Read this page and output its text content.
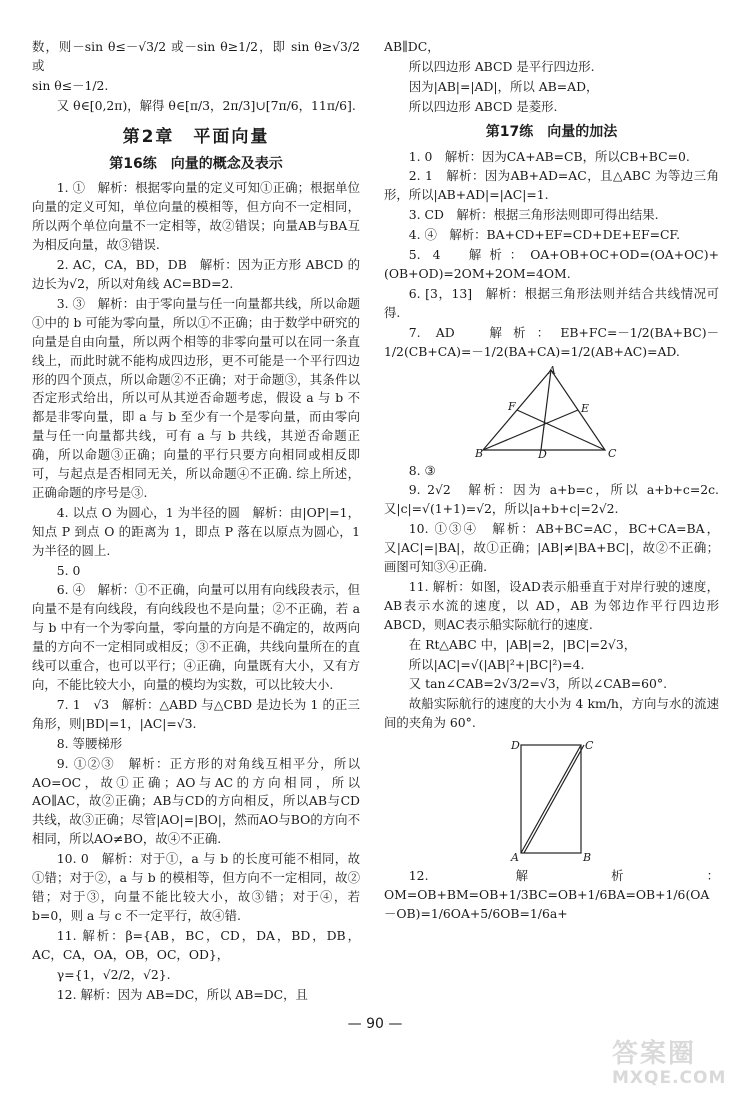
数，则－sin θ≤－√3/2 或－sin θ≥1/2，即 sin θ≥√3/2 或

sin θ≤－1/2.

又 θ∈[0,2π)，解得 θ∈[π/3，2π/3]∪[7π/6，11π/6].

第2章　平面向量
第16练　向量的概念及表示

1. ①　解析：根据零向量的定义可知①正确；根据单位向量的定义可知，单位向量的模相等，但方向不一定相同，所以两个单位向量不一定相等，故②错误；向量AB与BA互为相反向量，故③错误.

2. AC，CA，BD，DB　解析：因为正方形 ABCD 的边长为√2，所以对角线 AC=BD=2.

3. ③　解析：由于零向量与任一向量都共线，所以命题①中的 b 可能为零向量，所以①不正确；由于数学中研究的向量是自由向量，所以两个相等的非零向量可以在同一条直线上，而此时就不能构成四边形，更不可能是一个平行四边形的四个顶点，所以命题②不正确；对于命题③，其条件以否定形式给出，所以可从其逆否命题考虑，假设 a 与 b 不都是非零向量，即 a 与 b 至少有一个是零向量，而由零向量与任一向量都共线，可有 a 与 b 共线，其逆否命题正确，所以命题③正确；向量的平行只要方向相同或相反即可，与起点是否相同无关，所以命题④不正确. 综上所述，正确命题的序号是③.

4. 以点 O 为圆心，1 为半径的圆　解析：由|OP|=1，知点 P 到点 O 的距离为 1，即点 P 落在以原点为圆心，1 为半径的圆上.

5. 0

6. ④　解析：①不正确，向量可以用有向线段表示，但向量不是有向线段，有向线段也不是向量；②不正确，若 a 与 b 中有一个为零向量，零向量的方向是不确定的，故两向量的方向不一定相同或相反；③不正确，共线向量所在的直线可以重合，也可以平行；④正确，向量既有大小，又有方向，不能比较大小，向量的模均为实数，可以比较大小.

7. 1　√3　解析：△ABD 与△CBD 是边长为 1 的正三角形，则|BD|=1，|AC|=√3.

8. 等腰梯形

9. ①②③　解析：正方形的对角线互相平分，所以AO=OC，故①正确；AO与AC的方向相同，所以AO∥AC，故②正确；AB与CD的方向相反，所以AB与CD共线，故③正确；尽管|AO|=|BO|，然而AO与BO的方向不相同，所以AO≠BO，故④不正确.

10. 0　解析：对于①，a 与 b 的长度可能不相同，故①错；对于②，a 与 b 的模相等，但方向不一定相同，故②错；对于③，向量不能比较大小，故③错；对于④，若 b=0，则 a 与 c 不一定平行，故④错.

11. 解析：β={AB，BC，CD，DA，BD，DB，AC，CA，OA，OB，OC，OD}，

γ={1，√2/2，√2}.

12. 解析：因为 AB=DC，所以 AB=DC，且

AB∥DC，

所以四边形 ABCD 是平行四边形.

因为|AB|=|AD|，所以 AB=AD，

所以四边形 ABCD 是菱形.

第17练　向量的加法

1. 0　解析：因为CA+AB=CB，所以CB+BC=0.

2. 1　解析：因为AB+AD=AC，且△ABC 为等边三角形，所以|AB+AD|=|AC|=1.

3. CD　解析：根据三角形法则即可得出结果.

4. ④　解析：BA+CD+EF=CD+DE+EF=CF.

5. 4　解析：OA+OB+OC+OD=(OA+OC)+(OB+OD)=2OM+2OM=4OM.

6. [3，13]　解析：根据三角形法则并结合共线情况可得.

7. AD　解析：EB+FC=－1/2(BA+BC)－1/2(CB+CA)=－1/2(BA+CA)=1/2(AB+AC)=AD.

A
B	C
D
E
F

8. ③

9. 2√2　解析：因为 a+b=c，所以 a+b+c=2c. 又|c|=√(1+1)=√2，所以|a+b+c|=2√2.

10. ①③④　解析：AB+BC=AC，BC+CA=BA，又|AC|=|BA|，故①正确；|AB|≠|BA+BC|，故②不正确；画图可知③④正确.

11. 解析：如图，设AD表示船垂直于对岸行驶的速度，AB表示水流的速度，以 AD，AB 为邻边作平行四边形ABCD，则AC表示船实际航行的速度.

在 Rt△ABC 中，|AB|=2，|BC|=2√3，

所以|AC|=√(|AB|²+|BC|²)=4.

又 tan∠CAB=2√3/2=√3，所以∠CAB=60°.

故船实际航行的速度的大小为 4 km/h，方向与水的流速间的夹角为 60°.

D	C
A	B

12. 解析：OM=OB+BM=OB+1/3BC=OB+1/6BA=OB+1/6(OA－OB)=1/6OA+5/6OB=1/6a+

— 90 —
答案圈
MXQE.COM
